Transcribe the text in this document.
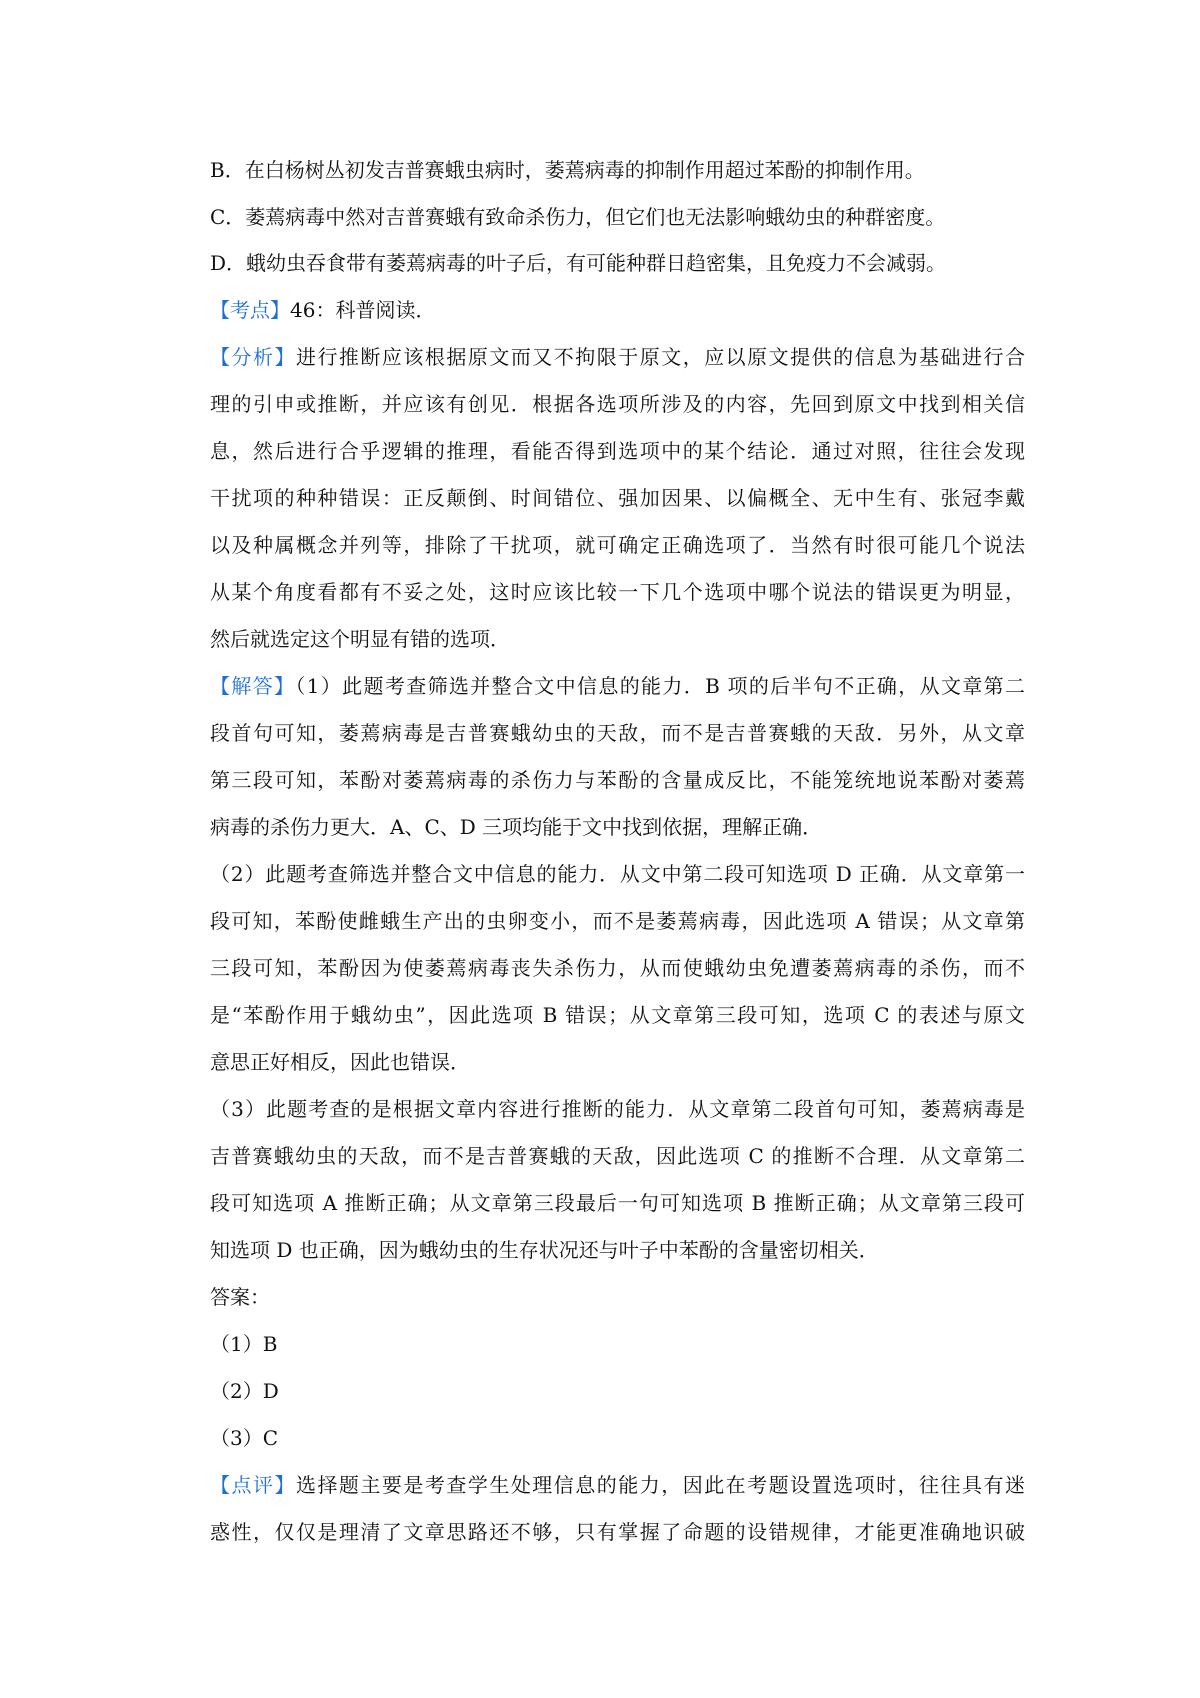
B．在白杨树丛初发吉普赛蛾虫病时，萎蔫病毒的抑制作用超过苯酚的抑制作用。
C．萎蔫病毒中然对吉普赛蛾有致命杀伤力，但它们也无法影响蛾幼虫的种群密度。
D．蛾幼虫吞食带有萎蔫病毒的叶子后，有可能种群日趋密集，且免疫力不会减弱。
【考点】46：科普阅读．
【分析】进行推断应该根据原文而又不拘限于原文，应以原文提供的信息为基础进行合
理的引申或推断，并应该有创见．根据各选项所涉及的内容，先回到原文中找到相关信
息，然后进行合乎逻辑的推理，看能否得到选项中的某个结论．通过对照，往往会发现
干扰项的种种错误：正反颠倒、时间错位、强加因果、以偏概全、无中生有、张冠李戴
以及种属概念并列等，排除了干扰项，就可确定正确选项了．当然有时很可能几个说法
从某个角度看都有不妥之处，这时应该比较一下几个选项中哪个说法的错误更为明显，
然后就选定这个明显有错的选项．
【解答】（1）此题考查筛选并整合文中信息的能力．B 项的后半句不正确，从文章第二
段首句可知，萎蔫病毒是吉普赛蛾幼虫的天敌，而不是吉普赛蛾的天敌．另外，从文章
第三段可知，苯酚对萎蔫病毒的杀伤力与苯酚的含量成反比，不能笼统地说苯酚对萎蔫
病毒的杀伤力更大．A、C、D 三项均能于文中找到依据，理解正确．
（2）此题考查筛选并整合文中信息的能力．从文中第二段可知选项 D 正确．从文章第一
段可知，苯酚使雌蛾生产出的虫卵变小，而不是萎蔫病毒，因此选项 A 错误；从文章第
三段可知，苯酚因为使萎蔫病毒丧失杀伤力，从而使蛾幼虫免遭萎蔫病毒的杀伤，而不
是“苯酚作用于蛾幼虫”，因此选项 B 错误；从文章第三段可知，选项 C 的表述与原文
意思正好相反，因此也错误．
（3）此题考查的是根据文章内容进行推断的能力．从文章第二段首句可知，萎蔫病毒是
吉普赛蛾幼虫的天敌，而不是吉普赛蛾的天敌，因此选项 C 的推断不合理．从文章第二
段可知选项 A 推断正确；从文章第三段最后一句可知选项 B 推断正确；从文章第三段可
知选项 D 也正确，因为蛾幼虫的生存状况还与叶子中苯酚的含量密切相关．
答案：
（1）B
（2）D
（3）C
【点评】选择题主要是考查学生处理信息的能力，因此在考题设置选项时，往往具有迷
惑性，仅仅是理清了文章思路还不够，只有掌握了命题的设错规律，才能更准确地识破
